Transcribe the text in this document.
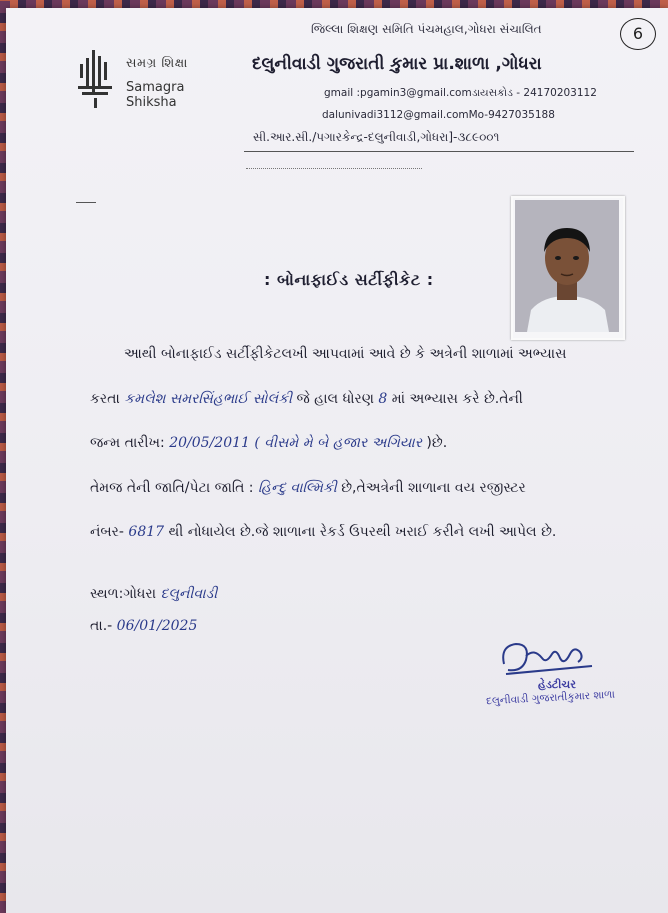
6
સમગ્ર શિક્ષા
Samagra Shiksha
જિલ્લા શિક્ષણ સમિતિ પંચમહાલ,ગોધરા સંચાલિત
દલુનીવાડી ગુજરાતી કુમાર પ્રા.શાળા ,ગોધરા
gmail :pgamin3@gmail.comડાયસકોડ - 24170203112
dalunivadi3112@gmail.comMo-9427035188
સી.આર.સી./પગારકેન્દ્ર-દલુનીવાડી,ગોધરા]-૩૮૯૦૦૧
: બોનાફાઈડ સર્ટીફીકેટ :
આથી બોનાફાઈડ સર્ટીફીકેટલખી આપવામાં આવે છે કે અત્રેની શાળામાં અભ્યાસ
કરતા કમલેશ સમરસિંહભાઈ સોલંકી જે હાલ ધોરણ 8 માં અભ્યાસ કરે છે.તેની
જન્મ તારીખ: 20/05/2011 ( વીસમે મે બે હજાર અગિયાર )છે.
તેમજ તેની જાતિ/પેટા જાતિ : હિન્દુ વાલ્મિકી છે,તેઅત્રેની શાળાના વય રજીસ્ટર
નંબર- 6817 થી નોધાયેલ છે.જે શાળાના રેકર્ડ ઉપરથી ખરાઈ કરીને લખી આપેલ છે.
સ્થળ:ગોધરા દલુનીવાડી
તા.- 06/01/2025
હેડટીચર
દલુનીવાડી ગુજરાતીકુમાર શાળા
